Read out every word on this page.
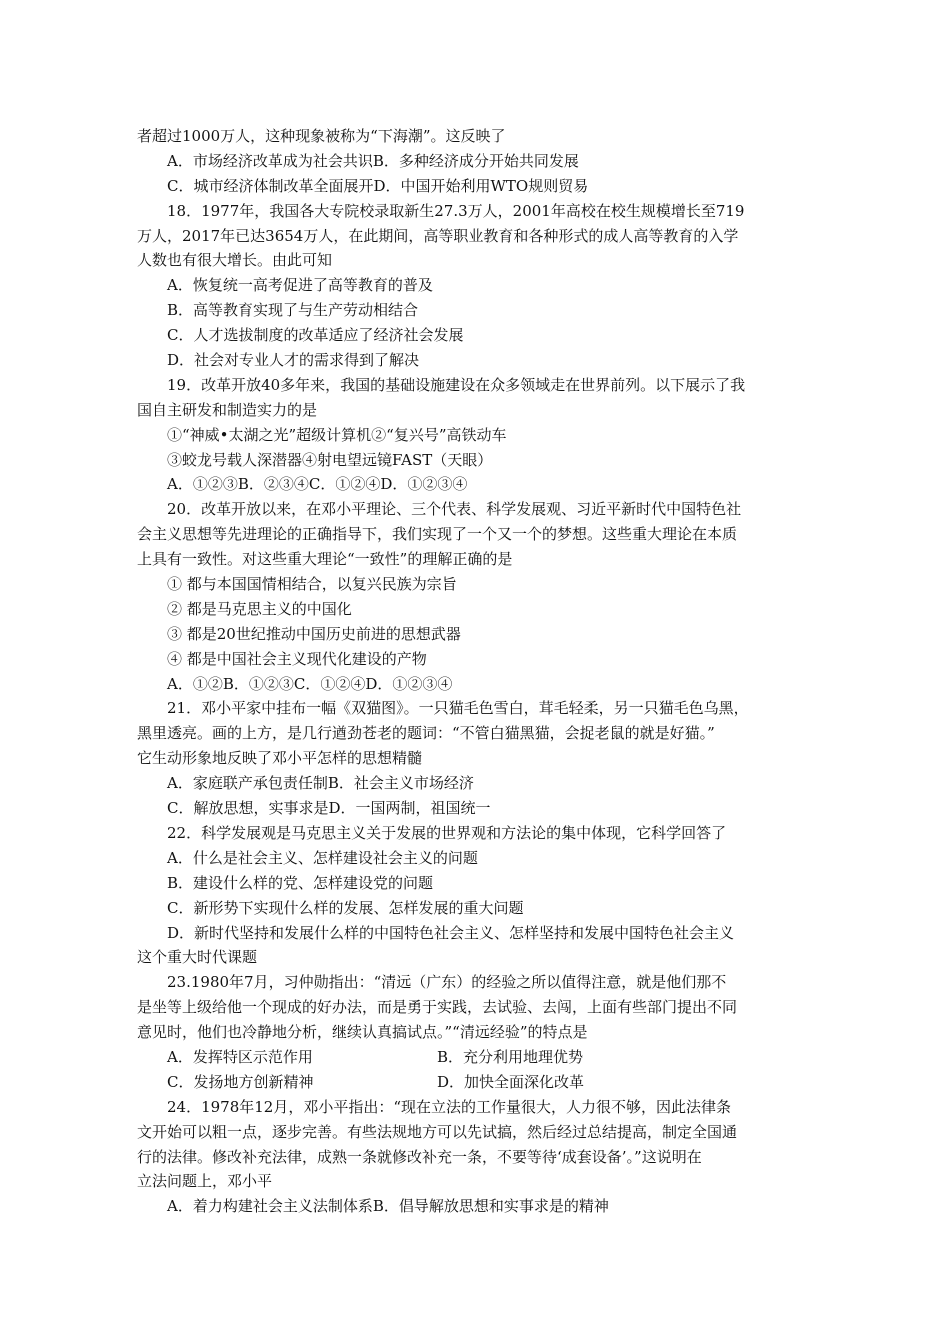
者超过1000万人，这种现象被称为“下海潮”。这反映了
A．市场经济改革成为社会共识B．多种经济成分开始共同发展
C．城市经济体制改革全面展开D．中国开始利用WTO规则贸易
18．1977年，我国各大专院校录取新生27.3万人，2001年高校在校生规模增长至719
万人，2017年已达3654万人，在此期间，高等职业教育和各种形式的成人高等教育的入学
人数也有很大增长。由此可知
A．恢复统一高考促进了高等教育的普及
B．高等教育实现了与生产劳动相结合
C．人才选拔制度的改革适应了经济社会发展
D．社会对专业人才的需求得到了解决
19．改革开放40多年来，我国的基础设施建设在众多领域走在世界前列。以下展示了我
国自主研发和制造实力的是
①“神威•太湖之光”超级计算机②“复兴号”高铁动车
③蛟龙号载人深潜器④射电望远镜FAST（天眼）
A．①②③B．②③④C．①②④D．①②③④
20．改革开放以来，在邓小平理论、三个代表、科学发展观、习近平新时代中国特色社
会主义思想等先进理论的正确指导下，我们实现了一个又一个的梦想。这些重大理论在本质
上具有一致性。对这些重大理论“一致性”的理解正确的是
① 都与本国国情相结合，以复兴民族为宗旨
② 都是马克思主义的中国化
③ 都是20世纪推动中国历史前进的思想武器
④ 都是中国社会主义现代化建设的产物
A．①②B．①②③C．①②④D．①②③④
21．邓小平家中挂布一幅《双猫图》。一只猫毛色雪白，茸毛轻柔，另一只猫毛色乌黑，
黑里透亮。画的上方，是几行遒劲苍老的题词：“不管白猫黑猫，会捉老鼠的就是好猫。”
它生动形象地反映了邓小平怎样的思想精髓
A．家庭联产承包责任制B．社会主义市场经济
C．解放思想，实事求是D．一国两制，祖国统一
22．科学发展观是马克思主义关于发展的世界观和方法论的集中体现，它科学回答了
A．什么是社会主义、怎样建设社会主义的问题
B．建设什么样的党、怎样建设党的问题
C．新形势下实现什么样的发展、怎样发展的重大问题
D．新时代坚持和发展什么样的中国特色社会主义、怎样坚持和发展中国特色社会主义
这个重大时代课题
23.1980年7月，习仲勋指出：“清远（广东）的经验之所以值得注意，就是他们那不
是坐等上级给他一个现成的好办法，而是勇于实践，去试验、去闯，上面有些部门提出不同
意见时，他们也冷静地分析，继续认真搞试点。”“清远经验”的特点是
A．发挥特区示范作用	B．充分利用地理优势
C．发扬地方创新精神	D．加快全面深化改革
24．1978年12月，邓小平指出：“现在立法的工作量很大，人力很不够，因此法律条
文开始可以粗一点，逐步完善。有些法规地方可以先试搞，然后经过总结提高，制定全国通
行的法律。修改补充法律，成熟一条就修改补充一条，不要等待‘成套设备’。”这说明在
立法问题上，邓小平
A．着力构建社会主义法制体系B．倡导解放思想和实事求是的精神
